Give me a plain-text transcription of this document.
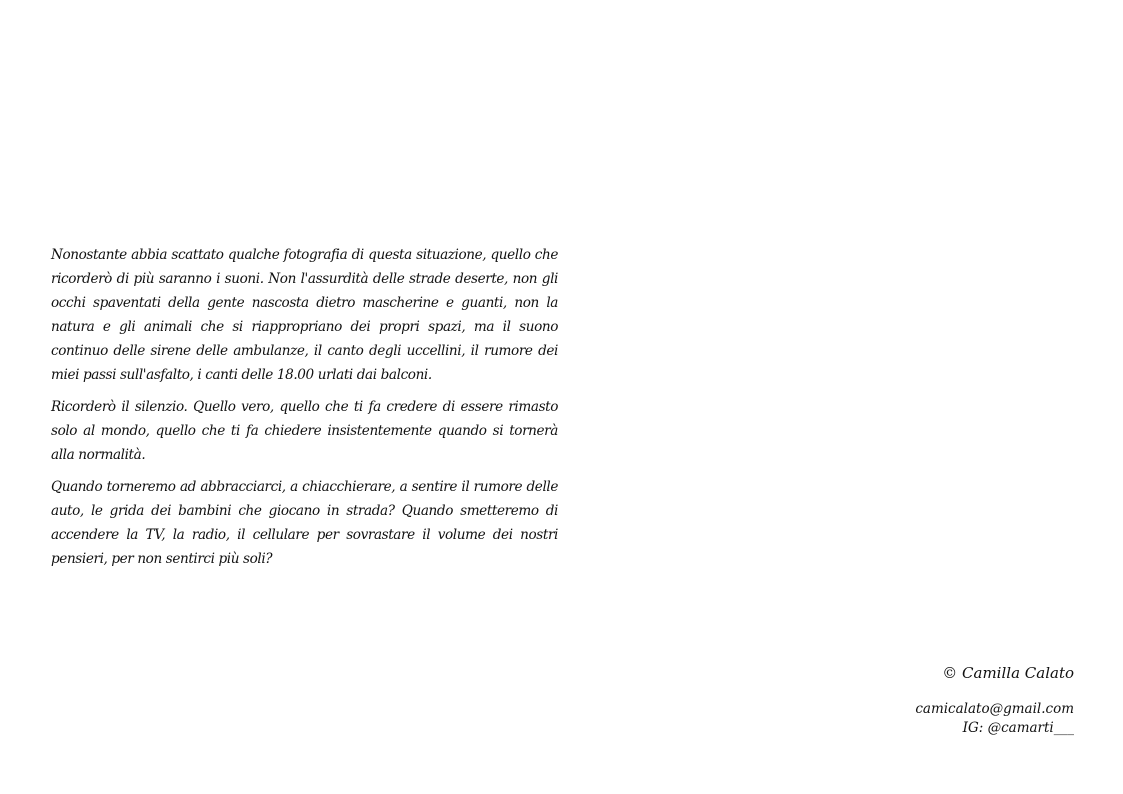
Nonostante abbia scattato qualche fotografia di questa situazione, quello che ricorderò di più saranno i suoni. Non l'assurdità delle strade deserte, non gli occhi spaventati della gente nascosta dietro mascherine e guanti, non la natura e gli animali che si riappropriano dei propri spazi, ma il suono continuo delle sirene delle ambulanze, il canto degli uccellini, il rumore dei miei passi sull'asfalto, i canti delle 18.00 urlati dai balconi.

Ricorderò il silenzio. Quello vero, quello che ti fa credere di essere rimasto solo al mondo, quello che ti fa chiedere insistentemente quando si tornerà alla normalità.

Quando torneremo ad abbracciarci, a chiacchierare, a sentire il rumore delle auto, le grida dei bambini che giocano in strada? Quando smetteremo di accendere la TV, la radio, il cellulare per sovrastare il volume dei nostri pensieri, per non sentirci più soli?

© Camilla Calato

camicalato@gmail.com

IG: @camarti___
